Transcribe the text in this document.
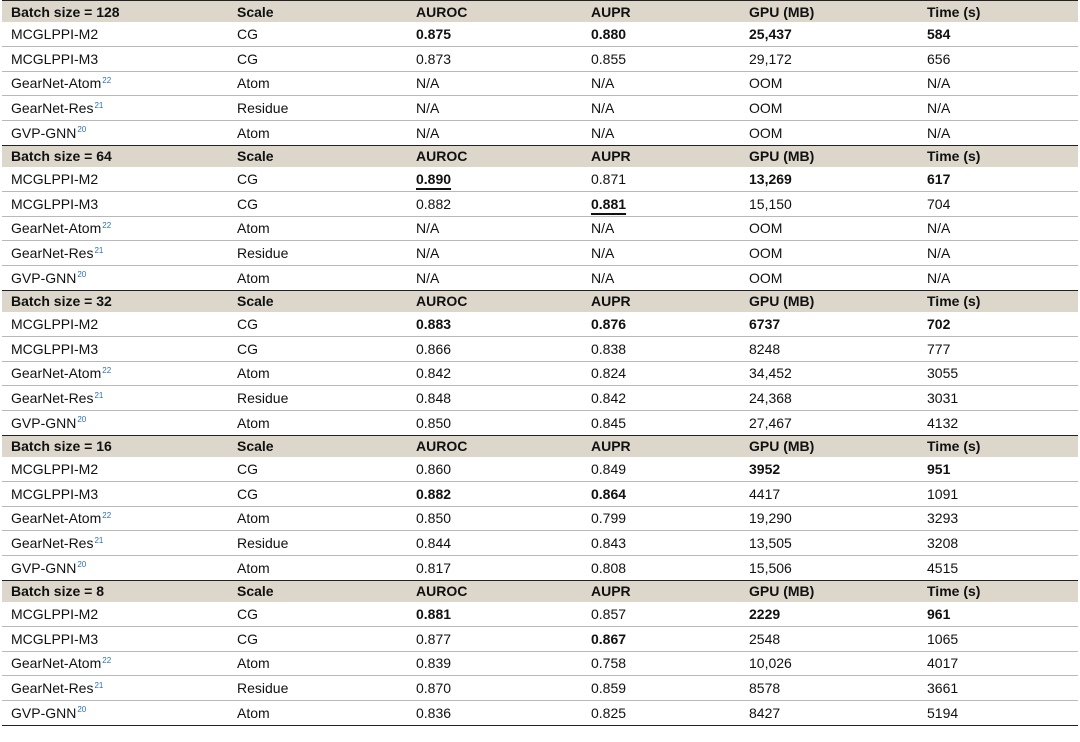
Batch size = 128	Scale	AUROC	AUPR	GPU (MB)	Time (s)
MCGLPPI-M2	CG	0.875	0.880	25,437	584
MCGLPPI-M3	CG	0.873	0.855	29,172	656
GearNet-Atom$^{22}$	Atom	N/A	N/A	OOM	N/A
GearNet-Res$^{21}$	Residue	N/A	N/A	OOM	N/A
GVP-GNN$^{20}$	Atom	N/A	N/A	OOM	N/A
Batch size = 64	Scale	AUROC	AUPR	GPU (MB)	Time (s)
MCGLPPI-M2	CG	0.890	0.871	13,269	617
MCGLPPI-M3	CG	0.882	0.881	15,150	704
GearNet-Atom$^{22}$	Atom	N/A	N/A	OOM	N/A
GearNet-Res$^{21}$	Residue	N/A	N/A	OOM	N/A
GVP-GNN$^{20}$	Atom	N/A	N/A	OOM	N/A
Batch size = 32	Scale	AUROC	AUPR	GPU (MB)	Time (s)
MCGLPPI-M2	CG	0.883	0.876	6737	702
MCGLPPI-M3	CG	0.866	0.838	8248	777
GearNet-Atom$^{22}$	Atom	0.842	0.824	34,452	3055
GearNet-Res$^{21}$	Residue	0.848	0.842	24,368	3031
GVP-GNN$^{20}$	Atom	0.850	0.845	27,467	4132
Batch size = 16	Scale	AUROC	AUPR	GPU (MB)	Time (s)
MCGLPPI-M2	CG	0.860	0.849	3952	951
MCGLPPI-M3	CG	0.882	0.864	4417	1091
GearNet-Atom$^{22}$	Atom	0.850	0.799	19,290	3293
GearNet-Res$^{21}$	Residue	0.844	0.843	13,505	3208
GVP-GNN$^{20}$	Atom	0.817	0.808	15,506	4515
Batch size = 8	Scale	AUROC	AUPR	GPU (MB)	Time (s)
MCGLPPI-M2	CG	0.881	0.857	2229	961
MCGLPPI-M3	CG	0.877	0.867	2548	1065
GearNet-Atom$^{22}$	Atom	0.839	0.758	10,026	4017
GearNet-Res$^{21}$	Residue	0.870	0.859	8578	3661
GVP-GNN$^{20}$	Atom	0.836	0.825	8427	5194
